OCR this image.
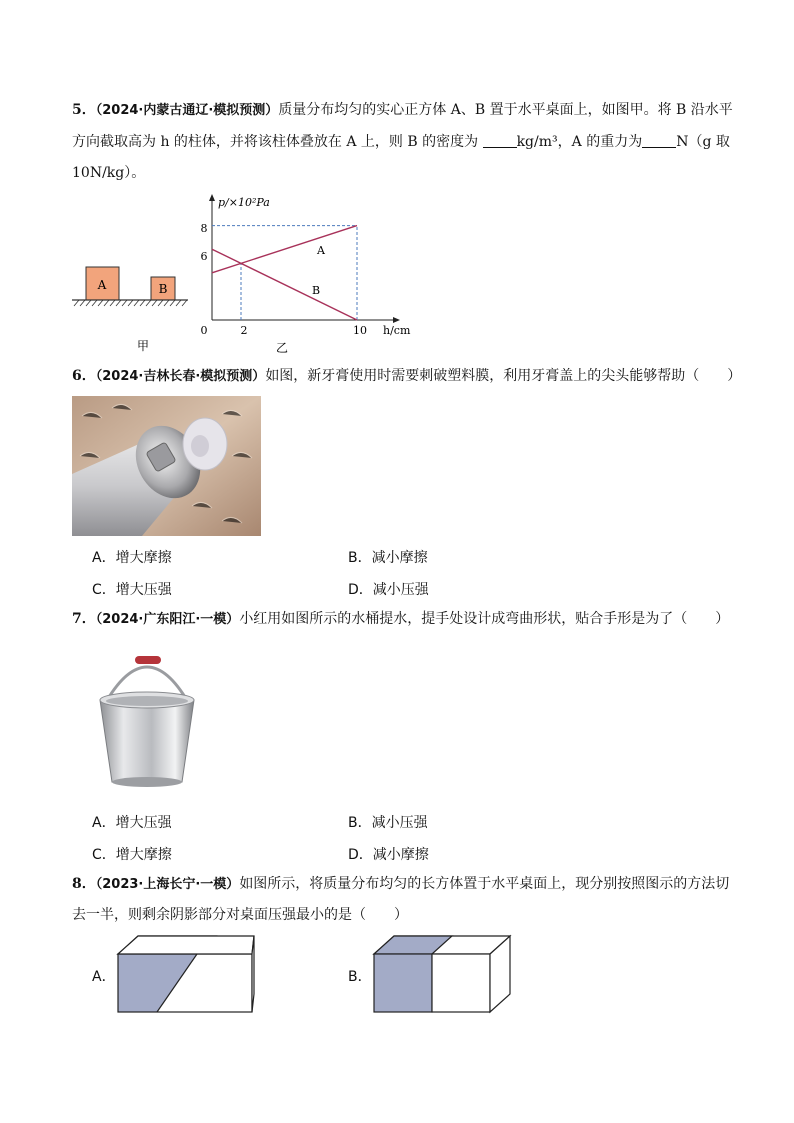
5．（2024·内蒙古通辽·模拟预测）质量分布均匀的实心正方体 A、B 置于水平桌面上，如图甲。将 B 沿水平
方向截取高为 h 的柱体，并将该柱体叠放在 A 上，则 B 的密度为	kg/m³，A 的重力为 N（g 取
10N/kg）。
A	B
甲
p/×10²Pa
h/cm
0
8
6
2	10
A
B
乙
6．（2024·吉林长春·模拟预测）如图，新牙膏使用时需要刺破塑料膜，利用牙膏盖上的尖头能够帮助（　　）
A．增大摩擦	B．减小摩擦
C．增大压强	D．减小压强
7．（2024·广东阳江·一模）小红用如图所示的水桶提水，提手处设计成弯曲形状，贴合手形是为了（　　）
A．增大压强	B．减小压强
C．增大摩擦	D．减小摩擦
8．（2023·上海长宁·一模）如图所示，将质量分布均匀的长方体置于水平桌面上，现分别按照图示的方法切
去一半，则剩余阴影部分对桌面压强最小的是（　　）
A．	B．
